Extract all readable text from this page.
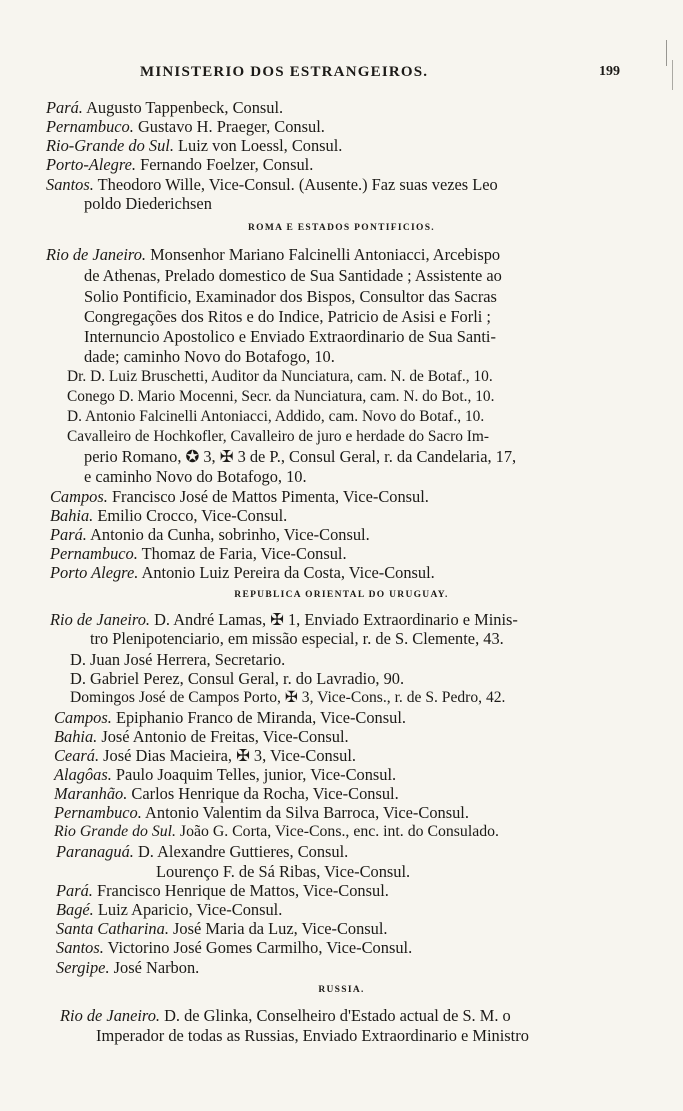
MINISTERIO DOS ESTRANGEIROS.	199
Pará. Augusto Tappenbeck, Consul.
Pernambuco. Gustavo H. Praeger, Consul.
Rio-Grande do Sul. Luiz von Loessl, Consul.
Porto-Alegre. Fernando Foelzer, Consul.
Santos. Theodoro Wille, Vice-Consul. (Ausente.) Faz suas vezes Leo
poldo Diederichsen
ROMA E ESTADOS PONTIFICIOS.
Rio de Janeiro. Monsenhor Mariano Falcinelli Antoniacci, Arcebispo
de Athenas, Prelado domestico de Sua Santidade ; Assistente ao
Solio Pontificio, Examinador dos Bispos, Consultor das Sacras
Congregações dos Ritos e do Indice, Patricio de Asisi e Forli ;
Internuncio Apostolico e Enviado Extraordinario de Sua Santi-
dade; caminho Novo do Botafogo, 10.
Dr. D. Luiz Bruschetti, Auditor da Nunciatura, cam. N. de Botaf., 10.
Conego D. Mario Mocenni, Secr. da Nunciatura, cam. N. do Bot., 10.
D. Antonio Falcinelli Antoniacci, Addido, cam. Novo do Botaf., 10.
Cavalleiro de Hochkofler, Cavalleiro de juro e herdade do Sacro Im-
perio Romano, ✪ 3, ✠ 3 de P., Consul Geral, r. da Candelaria, 17,
e caminho Novo do Botafogo, 10.
Campos. Francisco José de Mattos Pimenta, Vice-Consul.
Bahia. Emilio Crocco, Vice-Consul.
Pará. Antonio da Cunha, sobrinho, Vice-Consul.
Pernambuco. Thomaz de Faria, Vice-Consul.
Porto Alegre. Antonio Luiz Pereira da Costa, Vice-Consul.
REPUBLICA ORIENTAL DO URUGUAY.
Rio de Janeiro. D. André Lamas, ✠ 1, Enviado Extraordinario e Minis-
tro Plenipotenciario, em missão especial, r. de S. Clemente, 43.
D. Juan José Herrera, Secretario.
D. Gabriel Perez, Consul Geral, r. do Lavradio, 90.
Domingos José de Campos Porto, ✠ 3, Vice-Cons., r. de S. Pedro, 42.
Campos. Epiphanio Franco de Miranda, Vice-Consul.
Bahia. José Antonio de Freitas, Vice-Consul.
Ceará. José Dias Macieira, ✠ 3, Vice-Consul.
Alagôas. Paulo Joaquim Telles, junior, Vice-Consul.
Maranhão. Carlos Henrique da Rocha, Vice-Consul.
Pernambuco. Antonio Valentim da Silva Barroca, Vice-Consul.
Rio Grande do Sul. João G. Corta, Vice-Cons., enc. int. do Consulado.
Paranaguá. D. Alexandre Guttieres, Consul.
Lourenço F. de Sá Ribas, Vice-Consul.
Pará. Francisco Henrique de Mattos, Vice-Consul.
Bagé. Luiz Aparicio, Vice-Consul.
Santa Catharina. José Maria da Luz, Vice-Consul.
Santos. Victorino José Gomes Carmilho, Vice-Consul.
Sergipe. José Narbon.
RUSSIA.
Rio de Janeiro. D. de Glinka, Conselheiro d'Estado actual de S. M. o
Imperador de todas as Russias, Enviado Extraordinario e Ministro
